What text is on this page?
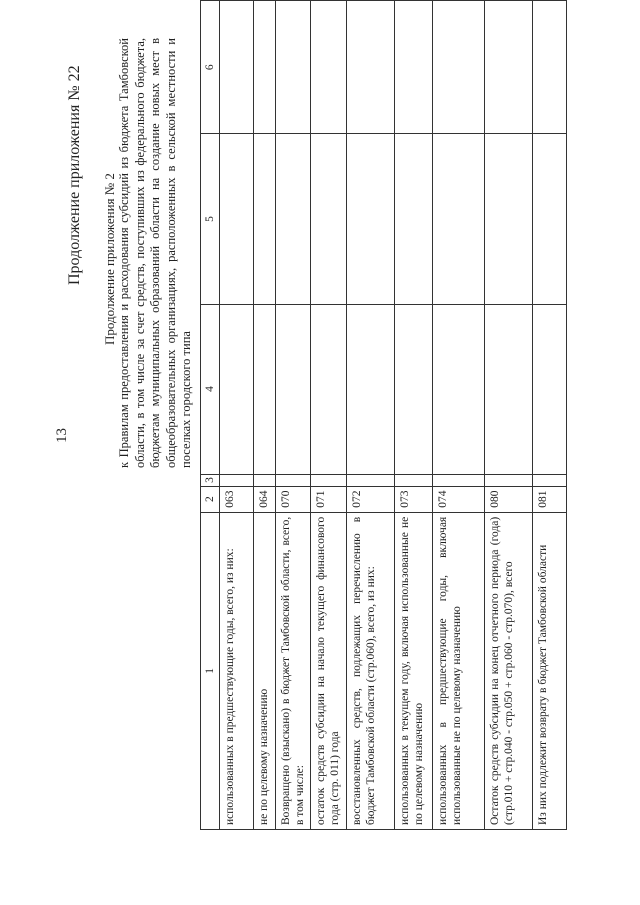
13
Продолжение приложения № 22 Продолжение приложения № 2 к Правилам предоставления и расходования субсидий из бюджета Тамбовской области, в том числе за счет средств, поступивших из федерального бюджета, бюджетам муниципальных образований области на создание новых мест в общеобразовательных организациях, расположенных в сельской местности и поселках городского типа
1	2	3	4	5	6
использованных в предшествующие годы, всего, из них:	063				
не по целевому назначению	064				
Возвращено (взыскано) в бюджет Тамбовской области, всего, в том числе:	070				
остаток средств субсидии на начало текущего финансового года (стр. 011) года	071				
восстановленных средств, подлежащих перечислению в бюджет Тамбовской области (стр.060), всего, из них:	072				
использованных в текущем году, включая использованные не по целевому назначению	073				
использованных в предшествующие годы, включая использованные не по целевому назначению	074				
Остаток средств субсидии на конец отчетного периода (года) (стр.010 + стр.040 - стр.050 + стр.060 - стр.070), всего	080				
Из них подлежит возврату в бюджет Тамбовской области	081				
